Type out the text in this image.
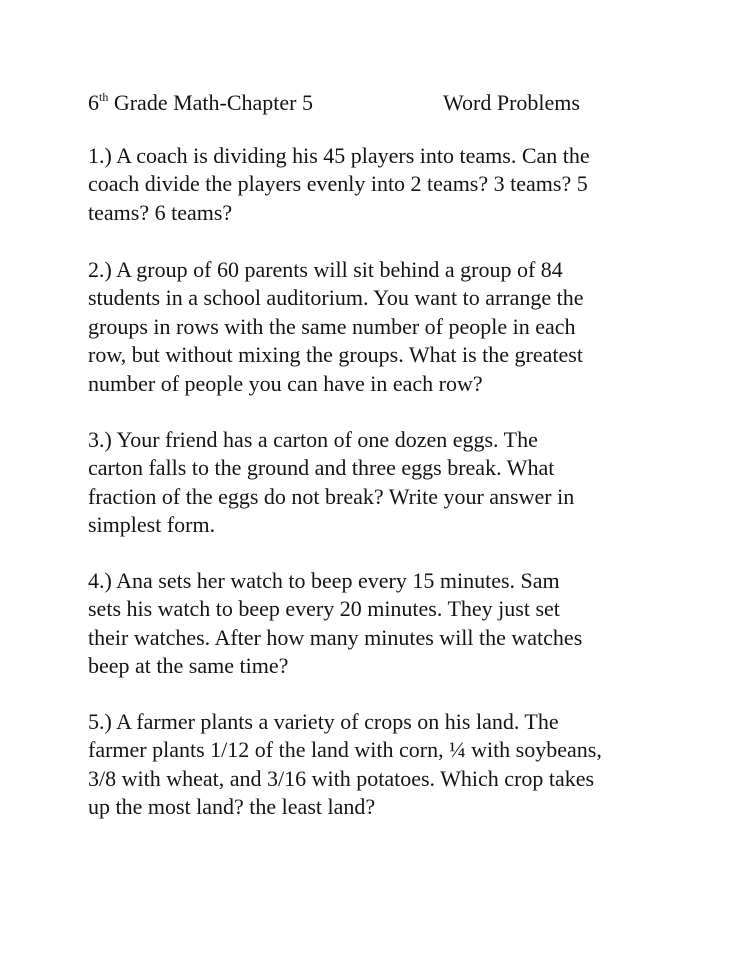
6th Grade Math-Chapter 5	Word Problems
1.) A coach is dividing his 45 players into teams. Can the
coach divide the players evenly into 2 teams? 3 teams? 5
teams? 6 teams?
2.) A group of 60 parents will sit behind a group of 84
students in a school auditorium. You want to arrange the
groups in rows with the same number of people in each
row, but without mixing the groups. What is the greatest
number of people you can have in each row?
3.) Your friend has a carton of one dozen eggs. The
carton falls to the ground and three eggs break. What
fraction of the eggs do not break? Write your answer in
simplest form.
4.) Ana sets her watch to beep every 15 minutes. Sam
sets his watch to beep every 20 minutes. They just set
their watches. After how many minutes will the watches
beep at the same time?
5.) A farmer plants a variety of crops on his land. The
farmer plants 1/12 of the land with corn, ¼ with soybeans,
3/8 with wheat, and 3/16 with potatoes. Which crop takes
up the most land? the least land?
